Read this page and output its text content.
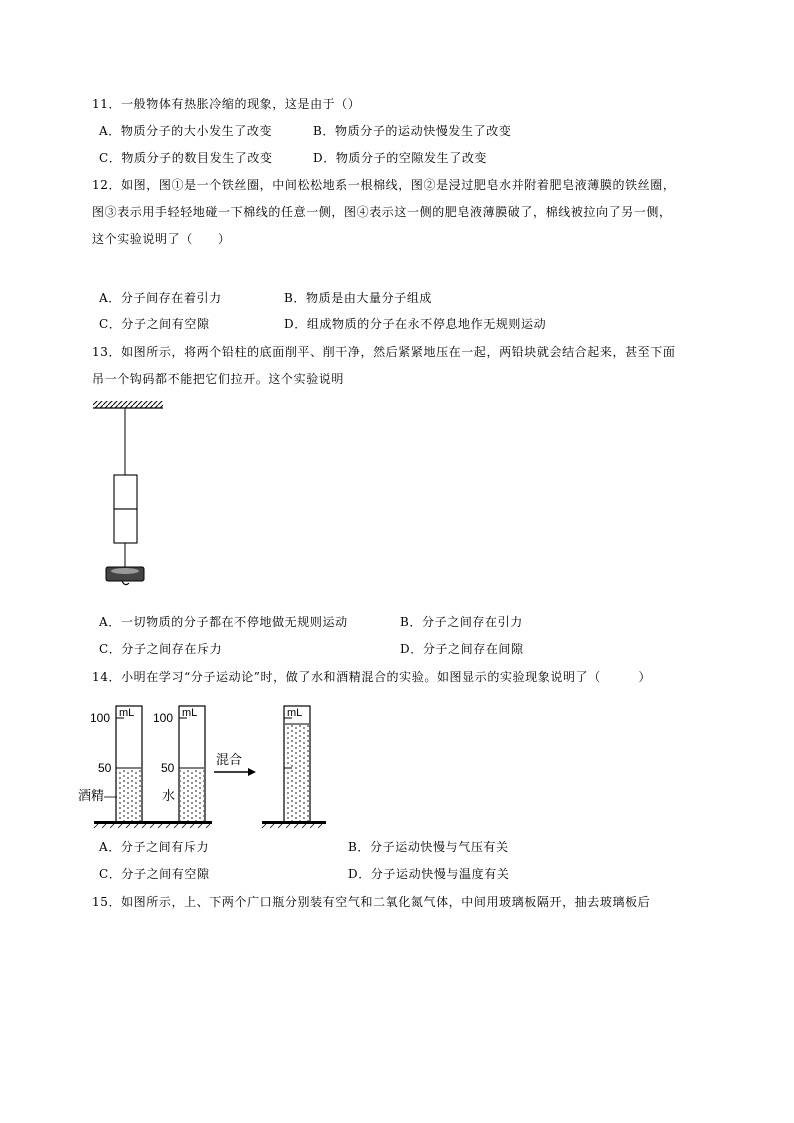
11．一般物体有热胀冷缩的现象，这是由于（）
A．物质分子的大小发生了改变	B．物质分子的运动快慢发生了改变
C．物质分子的数目发生了改变	D．物质分子的空隙发生了改变
12．如图，图①是一个铁丝圈，中间松松地系一根棉线，图②是浸过肥皂水并附着肥皂液薄膜的铁丝圈，
图③表示用手轻轻地碰一下棉线的任意一侧，图④表示这一侧的肥皂液薄膜破了，棉线被拉向了另一侧，
这个实验说明了（　　）
A．分子间存在着引力	B．物质是由大量分子组成
C．分子之间有空隙	D．组成物质的分子在永不停息地作无规则运动
13．如图所示，将两个铅柱的底面削平、削干净，然后紧紧地压在一起，两铅块就会结合起来，甚至下面
吊一个钩码都不能把它们拉开。这个实验说明
A．一切物质的分子都在不停地做无规则运动	B．分子之间存在引力
C．分子之间存在斥力	D．分子之间存在间隙
14．小明在学习“分子运动论”时，做了水和酒精混合的实验。如图显示的实验现象说明了（　　　）
mL
100
50
酒精
mL
100
50
水
混合
mL
A．分子之间有斥力	B．分子运动快慢与气压有关
C．分子之间有空隙	D．分子运动快慢与温度有关
15．如图所示，上、下两个广口瓶分别装有空气和二氧化氮气体，中间用玻璃板隔开，抽去玻璃板后
